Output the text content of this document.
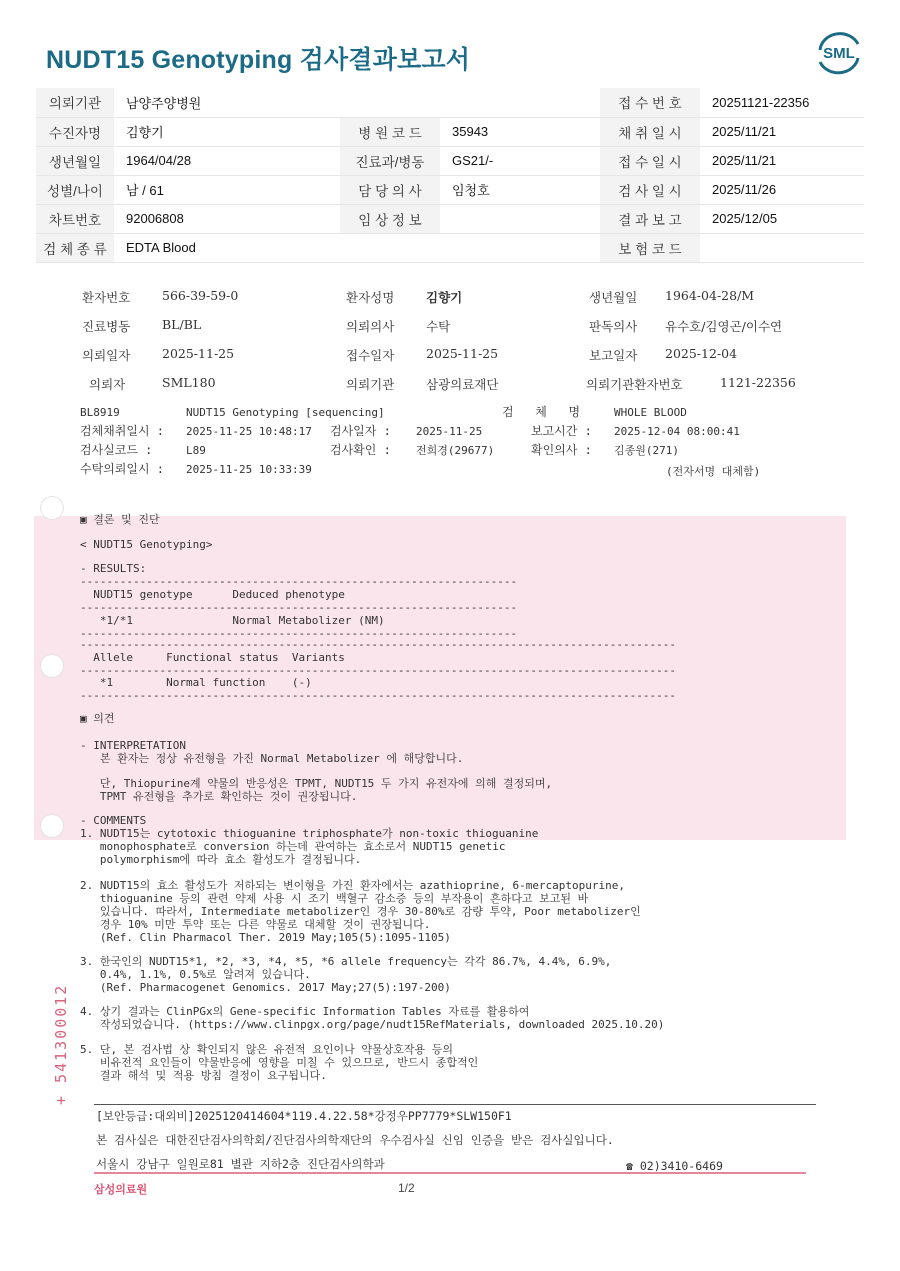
NUDT15 Genotyping 검사결과보고서	SML
의뢰기관	남양주양병원			접 수 번 호	20251121-22356
수진자명	김향기	병 원 코 드	35943	채 취 일 시	2025/11/21
생년월일	1964/04/28	진료과/병동	GS21/-	접 수 일 시	2025/11/21
성별/나이	남 / 61	담 당 의 사	임청호	검 사 일 시	2025/11/26
차트번호	92006808	임 상 정 보		결 과 보 고	2025/12/05
검 체 종 류	EDTA Blood			보 험 코 드	
환자번호	566-39-59-0	환자성명	김향기	생년월일 1964-04-28/M
진료병동	BL/BL	의뢰의사	수탁	판독의사 유수호/김영곤/이수연
의뢰일자	2025-11-25	접수일자	2025-11-25	보고일자 2025-12-04
의뢰자	SML180	의뢰기관	삼광의료재단	의뢰기관환자번호	1121-22356
BL8919	NUDT15 Genotyping [sequencing]	검   체   명	WHOLE BLOOD
검체채취일시 : 2025-11-25 10:48:17 검사일자 : 2025-11-25	보고시간 : 2025-12-04 08:00:41
검사실코드 :	L89	검사확인 : 전희경(29677)	확인의사 : 김종원(271)
수탁의뢰일시 : 2025-11-25 10:33:39	(전자서명 대체함)
▣ 결론 및 진단
< NUDT15 Genotyping>
- RESULTS:
------------------------------------------------------------------
NUDT15 genotype      Deduced phenotype
------------------------------------------------------------------
*1/*1               Normal Metabolizer (NM)
------------------------------------------------------------------
------------------------------------------------------------------------------------------
Allele     Functional status  Variants
------------------------------------------------------------------------------------------
*1        Normal function    (-)
------------------------------------------------------------------------------------------
▣ 의견
- INTERPRETATION
본 환자는 정상 유전형을 가진 Normal Metabolizer 에 해당합니다.
단, Thiopurine계 약물의 반응성은 TPMT, NUDT15 두 가지 유전자에 의해 결정되며,
TPMT 유전형을 추가로 확인하는 것이 권장됩니다.
- COMMENTS
1. NUDT15는 cytotoxic thioguanine triphosphate가 non-toxic thioguanine
monophosphate로 conversion 하는데 관여하는 효소로서 NUDT15 genetic
polymorphism에 따라 효소 활성도가 결정됩니다.
2. NUDT15의 효소 활성도가 저하되는 변이형을 가진 환자에서는 azathioprine, 6-mercaptopurine,
thioguanine 등의 관련 약제 사용 시 조기 백혈구 감소증 등의 부작용이 흔하다고 보고된 바
있습니다. 따라서, Intermediate metabolizer인 경우 30-80%로 감량 투약, Poor metabolizer인
경우 10% 미만 투약 또는 다른 약물로 대체할 것이 권장됩니다.
(Ref. Clin Pharmacol Ther. 2019 May;105(5):1095-1105)
3. 한국인의 NUDT15*1, *2, *3, *4, *5, *6 allele frequency는 각각 86.7%, 4.4%, 6.9%,
0.4%, 1.1%, 0.5%로 알려져 있습니다.
(Ref. Pharmacogenet Genomics. 2017 May;27(5):197-200)
4. 상기 결과는 ClinPGx의 Gene-specific Information Tables 자료를 활용하여
작성되었습니다. (https://www.clinpgx.org/page/nudt15RefMaterials, downloaded 2025.10.20)
5. 단, 본 검사법 상 확인되지 않은 유전적 요인이나 약물상호작용 등의
비유전적 요인들이 약물반응에 영향을 미칠 수 있으므로, 반드시 종합적인
결과 해석 및 적용 방침 결정이 요구됩니다.
+ 541300012
[보안등급:대외비]2025120414604*119.4.22.58*강정우PP7779*SLW150F1
본 검사실은 대한진단검사의학회/진단검사의학재단의 우수검사실 신임 인증을 받은 검사실입니다.
서울시 강남구 일원로81 별관 지하2층 진단검사의학과	☎ 02)3410-6469
삼성의료원	1/2
